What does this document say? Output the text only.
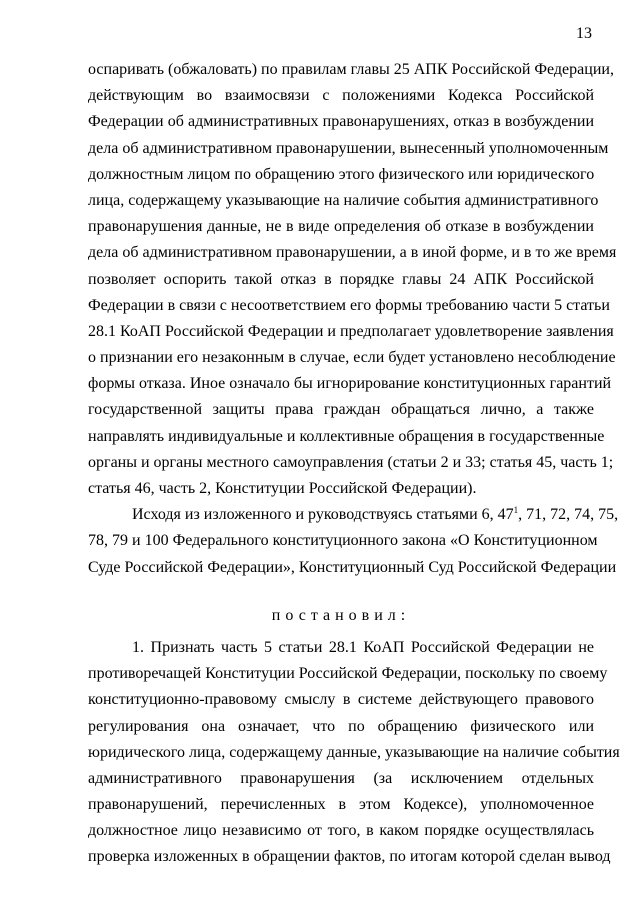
13
оспаривать (обжаловать) по правилам главы 25 АПК Российской Федерации,
действующим во взаимосвязи с положениями Кодекса Российской
Федерации об административных правонарушениях, отказ в возбуждении
дела об административном правонарушении, вынесенный уполномоченным
должностным лицом по обращению этого физического или юридического
лица, содержащему указывающие на наличие события административного
правонарушения данные, не в виде определения об отказе в возбуждении
дела об административном правонарушении, а в иной форме, и в то же время
позволяет оспорить такой отказ в порядке главы 24 АПК Российской
Федерации в связи с несоответствием его формы требованию части 5 статьи
28.1 КоАП Российской Федерации и предполагает удовлетворение заявления
о признании его незаконным в случае, если будет установлено несоблюдение
формы отказа. Иное означало бы игнорирование конституционных гарантий
государственной защиты права граждан обращаться лично, а также
направлять индивидуальные и коллективные обращения в государственные
органы и органы местного самоуправления (статьи 2 и 33; статья 45, часть 1;
статья 46, часть 2, Конституции Российской Федерации).
Исходя из изложенного и руководствуясь статьями 6, $47^1$, 71, 72, 74, 75,
78, 79 и 100 Федерального конституционного закона «О Конституционном
Суде Российской Федерации», Конституционный Суд Российской Федерации
постановил:
1. Признать часть 5 статьи 28.1 КоАП Российской Федерации не
противоречащей Конституции Российской Федерации, поскольку по своему
конституционно-правовому смыслу в системе действующего правового
регулирования она означает, что по обращению физического или
юридического лица, содержащему данные, указывающие на наличие события
административного правонарушения (за исключением отдельных
правонарушений, перечисленных в этом Кодексе), уполномоченное
должностное лицо независимо от того, в каком порядке осуществлялась
проверка изложенных в обращении фактов, по итогам которой сделан вывод
